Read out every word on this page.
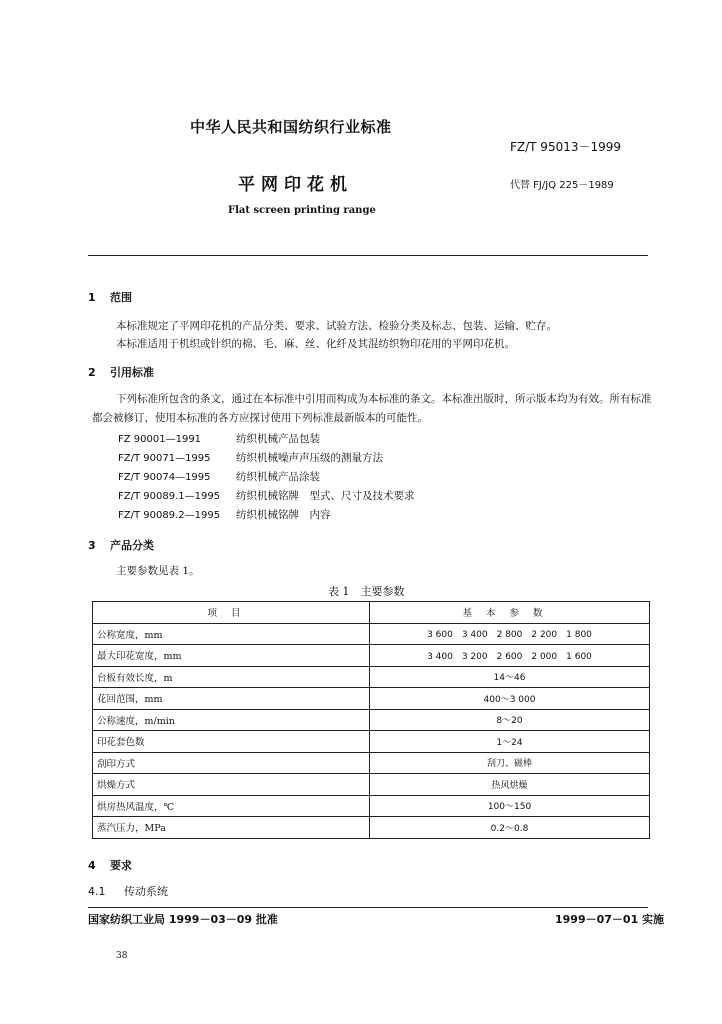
中华人民共和国纺织行业标准
FZ/T 95013－1999
平网印花机	代替 FJ/JQ 225－1989
Flat screen printing range
1 范围
本标准规定了平网印花机的产品分类、要求、试验方法、检验分类及标志、包装、运输、贮存。
本标准适用于机织或针织的棉、毛、麻、丝、化纤及其混纺织物印花用的平网印花机。
2 引用标准
下列标准所包含的条文，通过在本标准中引用而构成为本标准的条文。本标准出版时，所示版本均为有效。所有标准都会被修订，使用本标准的各方应探讨使用下列标准最新版本的可能性。
FZ 90001—1991	纺织机械产品包装
FZ/T 90071—1995 纺织机械噪声声压级的测量方法
FZ/T 90074—1995 纺织机械产品涂装
FZ/T 90089.1—1995 纺织机械铭牌　型式、尺寸及技术要求
FZ/T 90089.2—1995 纺织机械铭牌　内容
3 产品分类
主要参数见表 1。
表 1　主要参数
项目	基本参数
公称宽度，mm	3 600　3 400　2 800　2 200　1 800
最大印花宽度，mm	3 400　3 200　2 600　2 000　1 600
台板有效长度，m	14～46
花回范围，mm	400～3 000
公称速度，m/min	8～20
印花套色数	1～24
刮印方式	刮刀、磁棒
烘燥方式	热风烘燥
烘房热风温度，℃	100～150
蒸汽压力，MPa	0.2～0.8
4 要求
4.1 传动系统
国家纺织工业局 1999－03－09 批准	1999－07－01 实施
38
